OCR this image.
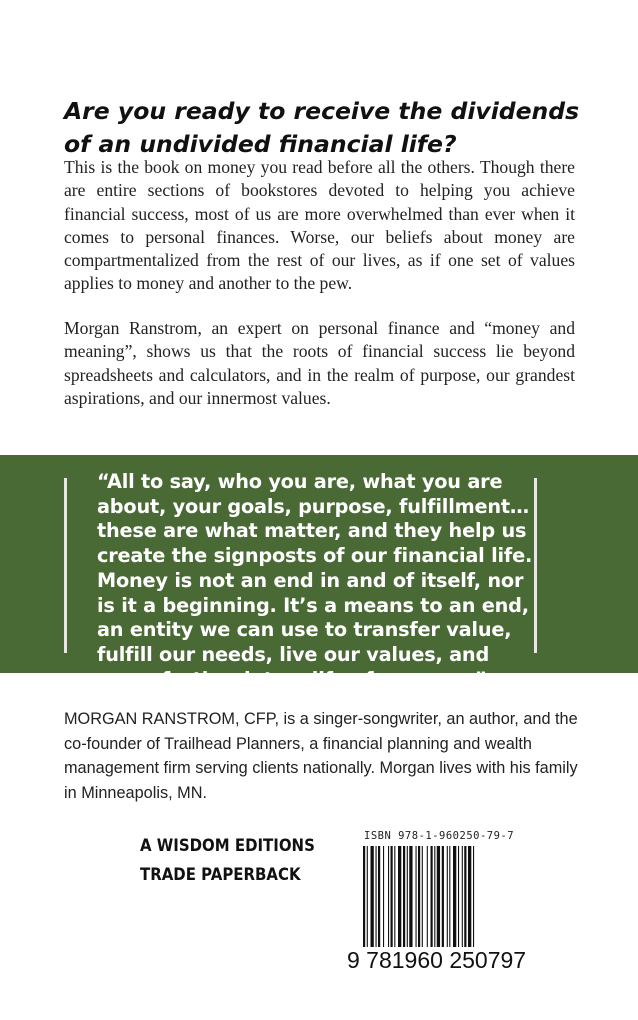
Are you ready to receive the dividends of an undivided financial life?

This is the book on money you read before all the others. Though there are entire sections of bookstores devoted to helping you achieve financial success, most of us are more overwhelmed than ever when it comes to personal finances. Worse, our beliefs about money are compartmentalized from the rest of our lives, as if one set of values applies to money and another to the pew.

Morgan Ranstrom, an expert on personal finance and “money and meaning”, shows us that the roots of financial success lie beyond spreadsheets and calculators, and in the realm of purpose, our grandest aspirations, and our innermost values.

“All to say, who you are, what you are about, your goals, purpose, fulfillment… these are what matter, and they help us create the signposts of our financial life. Money is not an end in and of itself, nor is it a beginning. It’s a means to an end, an entity we can use to transfer value, fulfill our needs, live our values, and move further into a life of purpose.”

MORGAN RANSTROM, CFP, is a singer-songwriter, an author, and the co-founder of Trailhead Planners, a financial planning and wealth management firm serving clients nationally. Morgan lives with his family in Minneapolis, MN.

A WISDOM EDITIONS
TRADE PAPERBACK
ISBN 978-1-960250-79-7
9 781960 250797
